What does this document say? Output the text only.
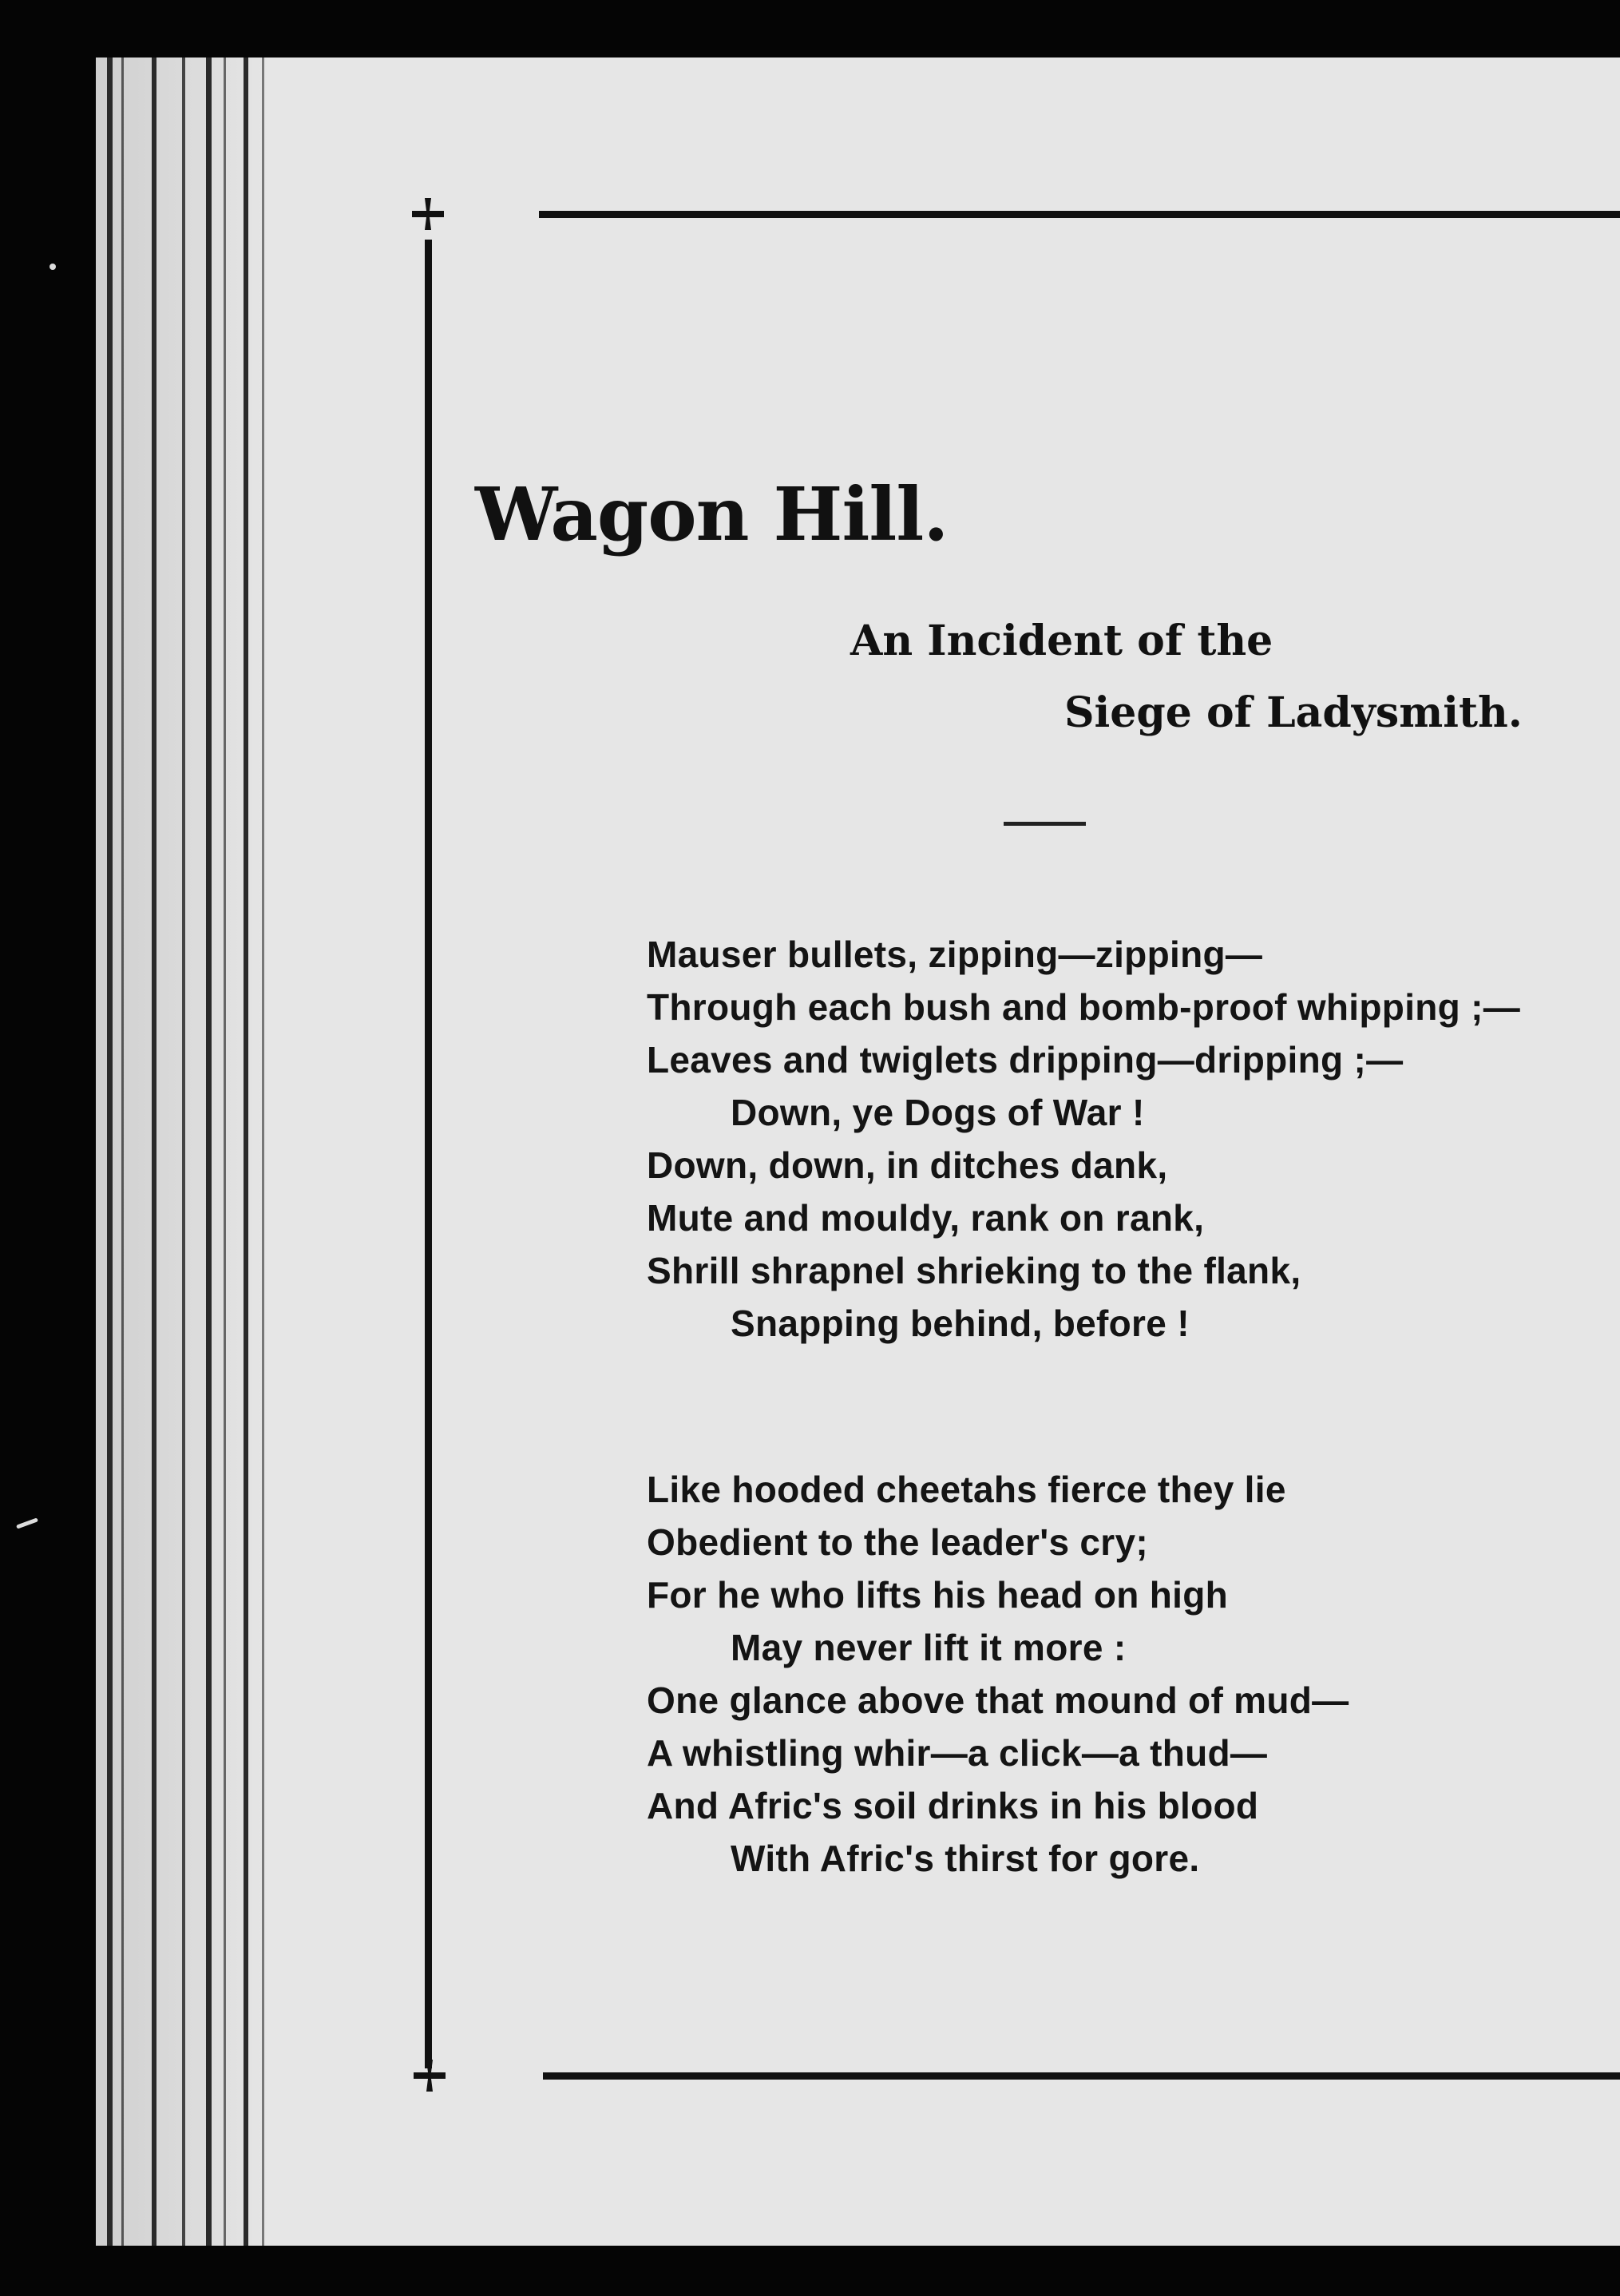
Wagon Hill.
An Incident of the
Siege of Ladysmith.
Mauser bullets, zipping—zipping—
Through each bush and bomb-proof whipping ;—
Leaves and twiglets dripping—dripping ;—
Down, ye Dogs of War !
Down, down, in ditches dank,
Mute and mouldy, rank on rank,
Shrill shrapnel shrieking to the flank,
Snapping behind, before !
Like hooded cheetahs fierce they lie
Obedient to the leader's cry;
For he who lifts his head on high
May never lift it more :
One glance above that mound of mud—
A whistling whir—a click—a thud—
And Afric's soil drinks in his blood
With Afric's thirst for gore.
